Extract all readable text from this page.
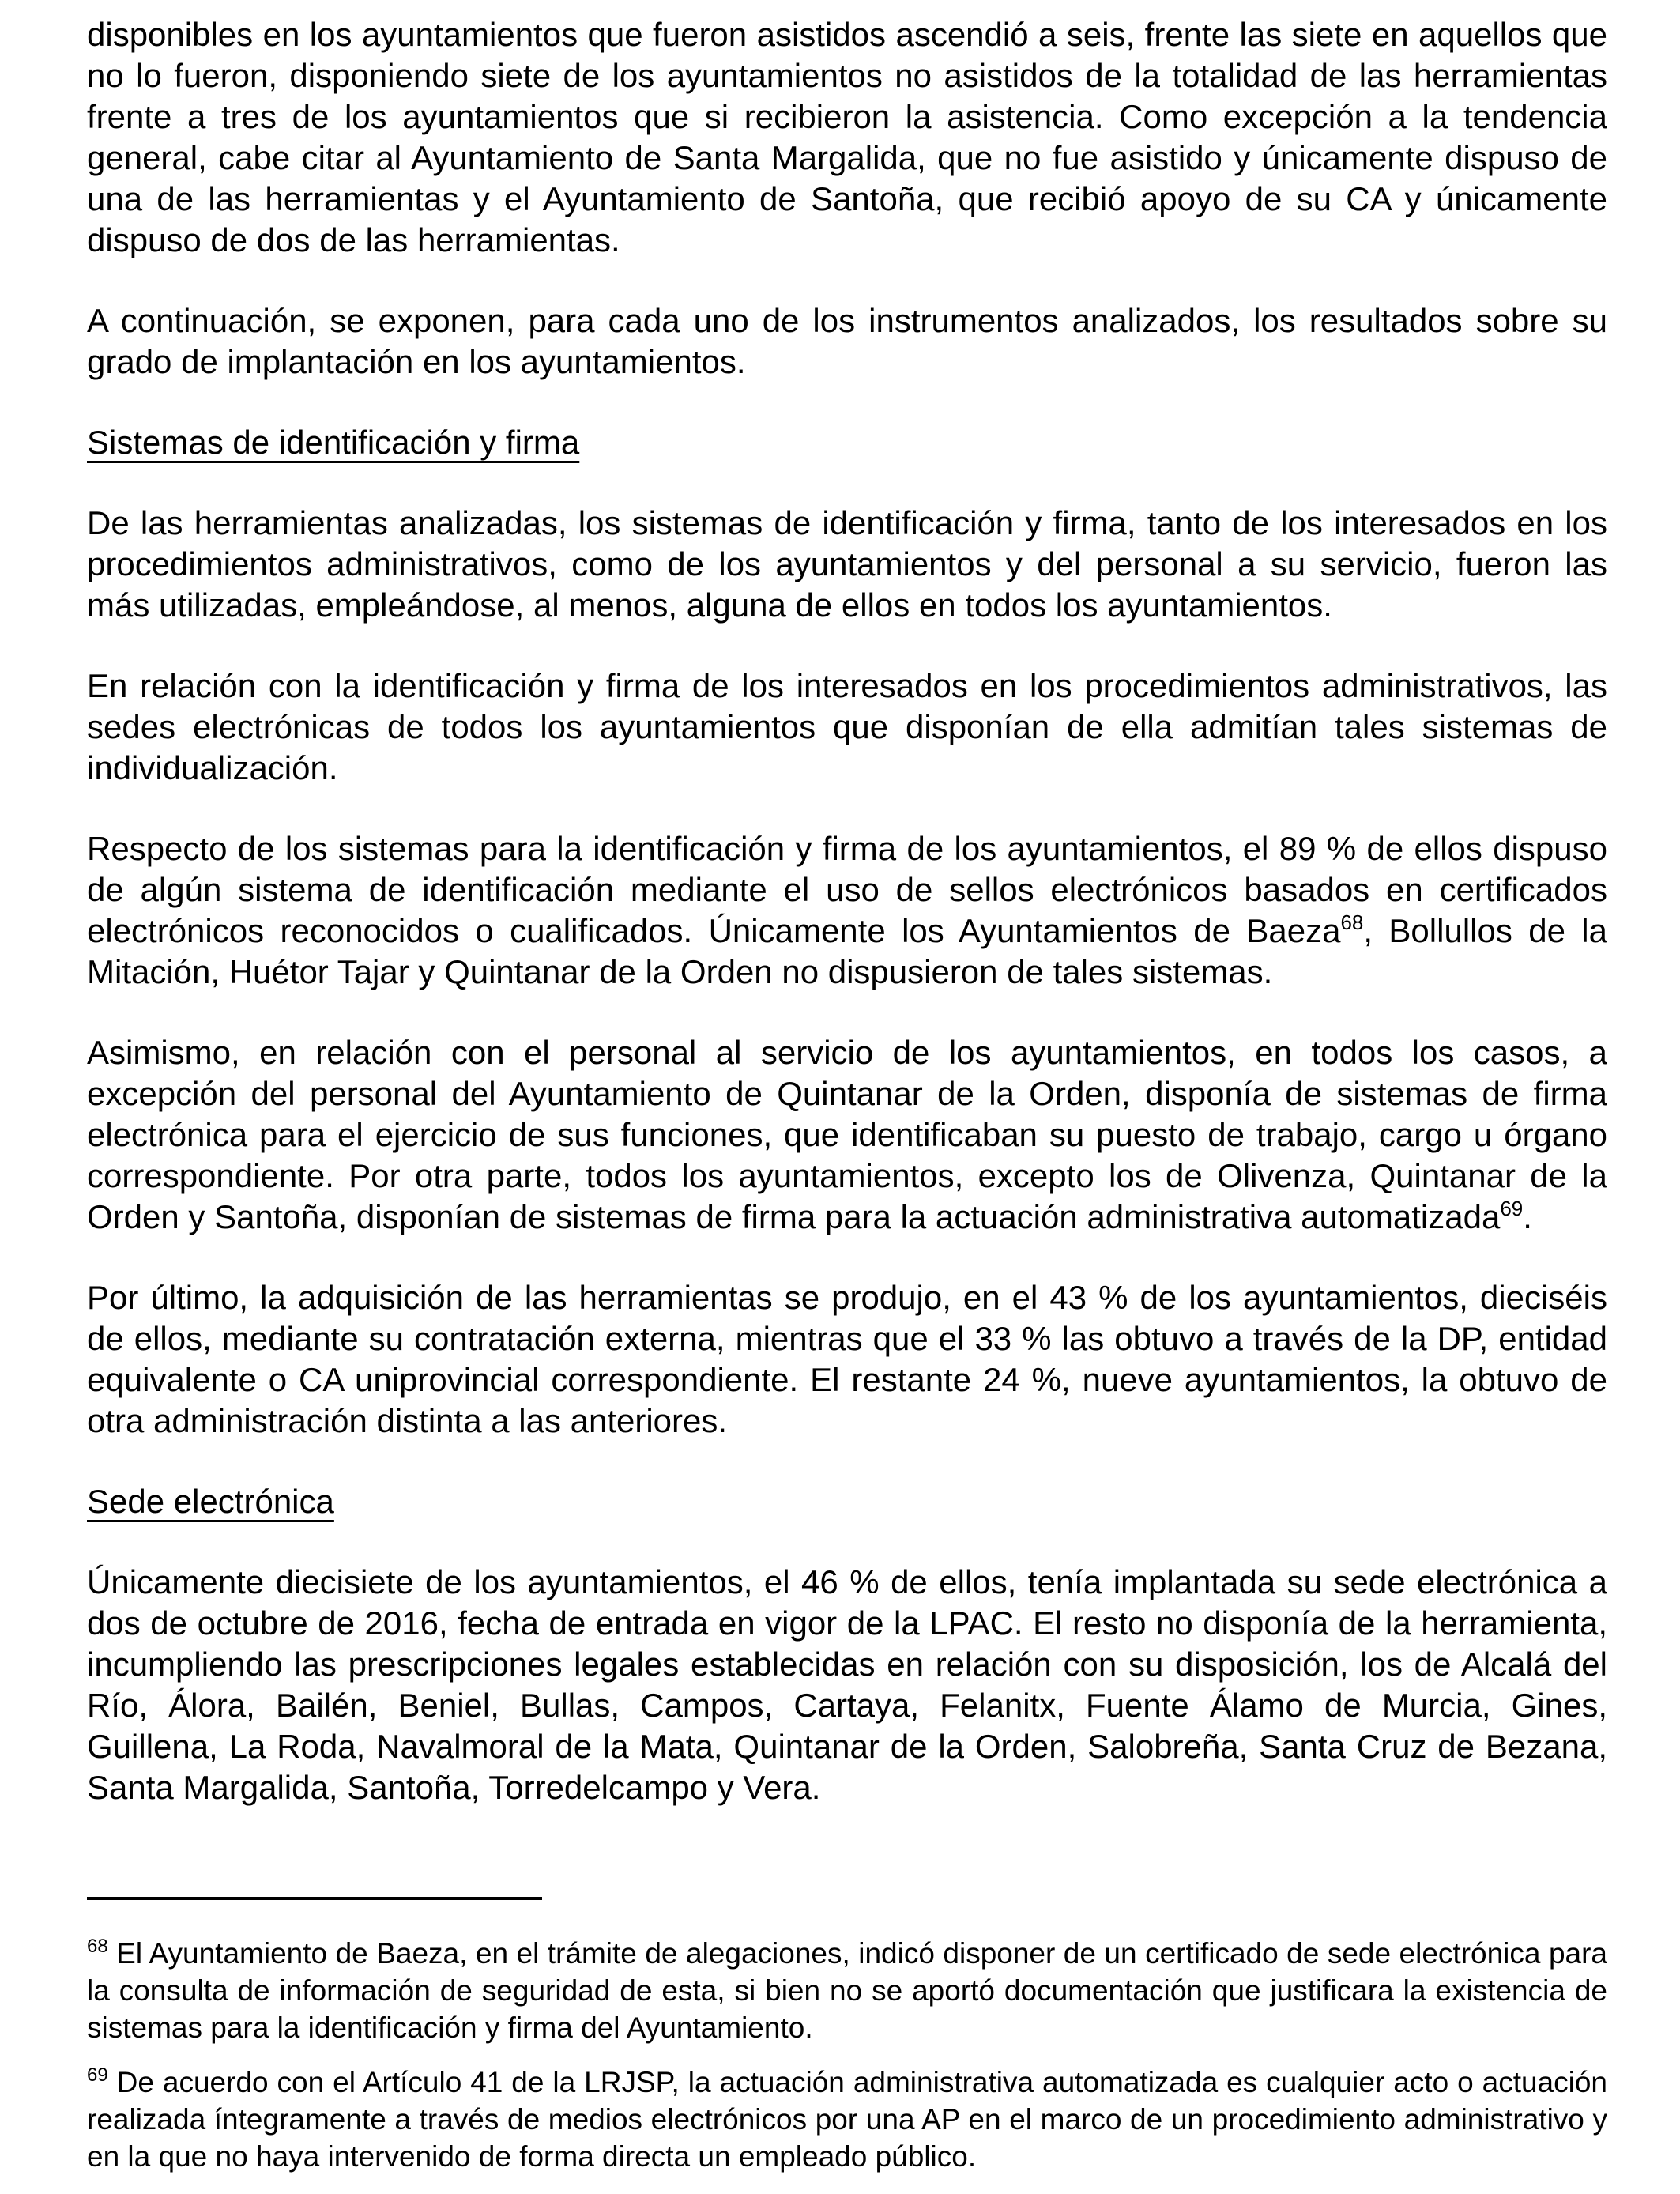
disponibles en los ayuntamientos que fueron asistidos ascendió a seis, frente las siete en aquellos que no lo fueron, disponiendo siete de los ayuntamientos no asistidos de la totalidad de las herramientas frente a tres de los ayuntamientos que si recibieron la asistencia. Como excepción a la tendencia general, cabe citar al Ayuntamiento de Santa Margalida, que no fue asistido y únicamente dispuso de una de las herramientas y el Ayuntamiento de Santoña, que recibió apoyo de su CA y únicamente dispuso de dos de las herramientas.

A continuación, se exponen, para cada uno de los instrumentos analizados, los resultados sobre su grado de implantación en los ayuntamientos.

Sistemas de identificación y firma

De las herramientas analizadas, los sistemas de identificación y firma, tanto de los interesados en los procedimientos administrativos, como de los ayuntamientos y del personal a su servicio, fueron las más utilizadas, empleándose, al menos, alguna de ellos en todos los ayuntamientos.

En relación con la identificación y firma de los interesados en los procedimientos administrativos, las sedes electrónicas de todos los ayuntamientos que disponían de ella admitían tales sistemas de individualización.

Respecto de los sistemas para la identificación y firma de los ayuntamientos, el 89 % de ellos dispuso de algún sistema de identificación mediante el uso de sellos electrónicos basados en certificados electrónicos reconocidos o cualificados. Únicamente los Ayuntamientos de Baeza$^{68}$, Bollullos de la Mitación, Huétor Tajar y Quintanar de la Orden no dispusieron de tales sistemas.

Asimismo, en relación con el personal al servicio de los ayuntamientos, en todos los casos, a excepción del personal del Ayuntamiento de Quintanar de la Orden, disponía de sistemas de firma electrónica para el ejercicio de sus funciones, que identificaban su puesto de trabajo, cargo u órgano correspondiente. Por otra parte, todos los ayuntamientos, excepto los de Olivenza, Quintanar de la Orden y Santoña, disponían de sistemas de firma para la actuación administrativa automatizada$^{69}$.

Por último, la adquisición de las herramientas se produjo, en el 43 % de los ayuntamientos, dieciséis de ellos, mediante su contratación externa, mientras que el 33 % las obtuvo a través de la DP, entidad equivalente o CA uniprovincial correspondiente. El restante 24 %, nueve ayuntamientos, la obtuvo de otra administración distinta a las anteriores.

Sede electrónica

Únicamente diecisiete de los ayuntamientos, el 46 % de ellos, tenía implantada su sede electrónica a dos de octubre de 2016, fecha de entrada en vigor de la LPAC. El resto no disponía de la herramienta, incumpliendo las prescripciones legales establecidas en relación con su disposición, los de Alcalá del Río, Álora, Bailén, Beniel, Bullas, Campos, Cartaya, Felanitx, Fuente Álamo de Murcia, Gines, Guillena, La Roda, Navalmoral de la Mata, Quintanar de la Orden, Salobreña, Santa Cruz de Bezana, Santa Margalida, Santoña, Torredelcampo y Vera.

$^{68}$ El Ayuntamiento de Baeza, en el trámite de alegaciones, indicó disponer de un certificado de sede electrónica para la consulta de información de seguridad de esta, si bien no se aportó documentación que justificara la existencia de sistemas para la identificación y firma del Ayuntamiento.

$^{69}$ De acuerdo con el Artículo 41 de la LRJSP, la actuación administrativa automatizada es cualquier acto o actuación realizada íntegramente a través de medios electrónicos por una AP en el marco de un procedimiento administrativo y en la que no haya intervenido de forma directa un empleado público.
